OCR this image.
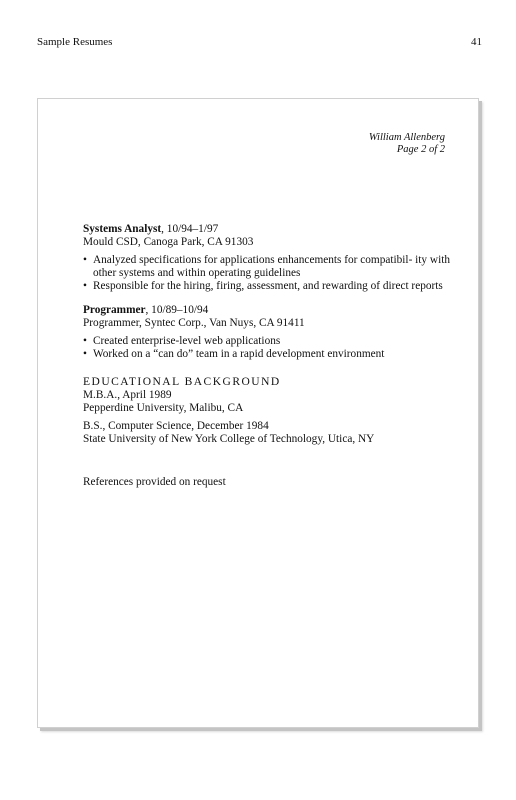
Sample Resumes	41
William Allenberg
Page 2 of 2
Systems Analyst, 10/94–1/97
Mould CSD, Canoga Park, CA 91303
• Analyzed specifications for applications enhancements for compatibil- ity with other systems and within operating guidelines
• Responsible for the hiring, firing, assessment, and rewarding of direct reports
Programmer, 10/89–10/94
Programmer, Syntec Corp., Van Nuys, CA 91411
• Created enterprise-level web applications
• Worked on a “can do” team in a rapid development environment
EDUCATIONAL BACKGROUND
M.B.A., April 1989
Pepperdine University, Malibu, CA
B.S., Computer Science, December 1984
State University of New York College of Technology, Utica, NY
References provided on request
